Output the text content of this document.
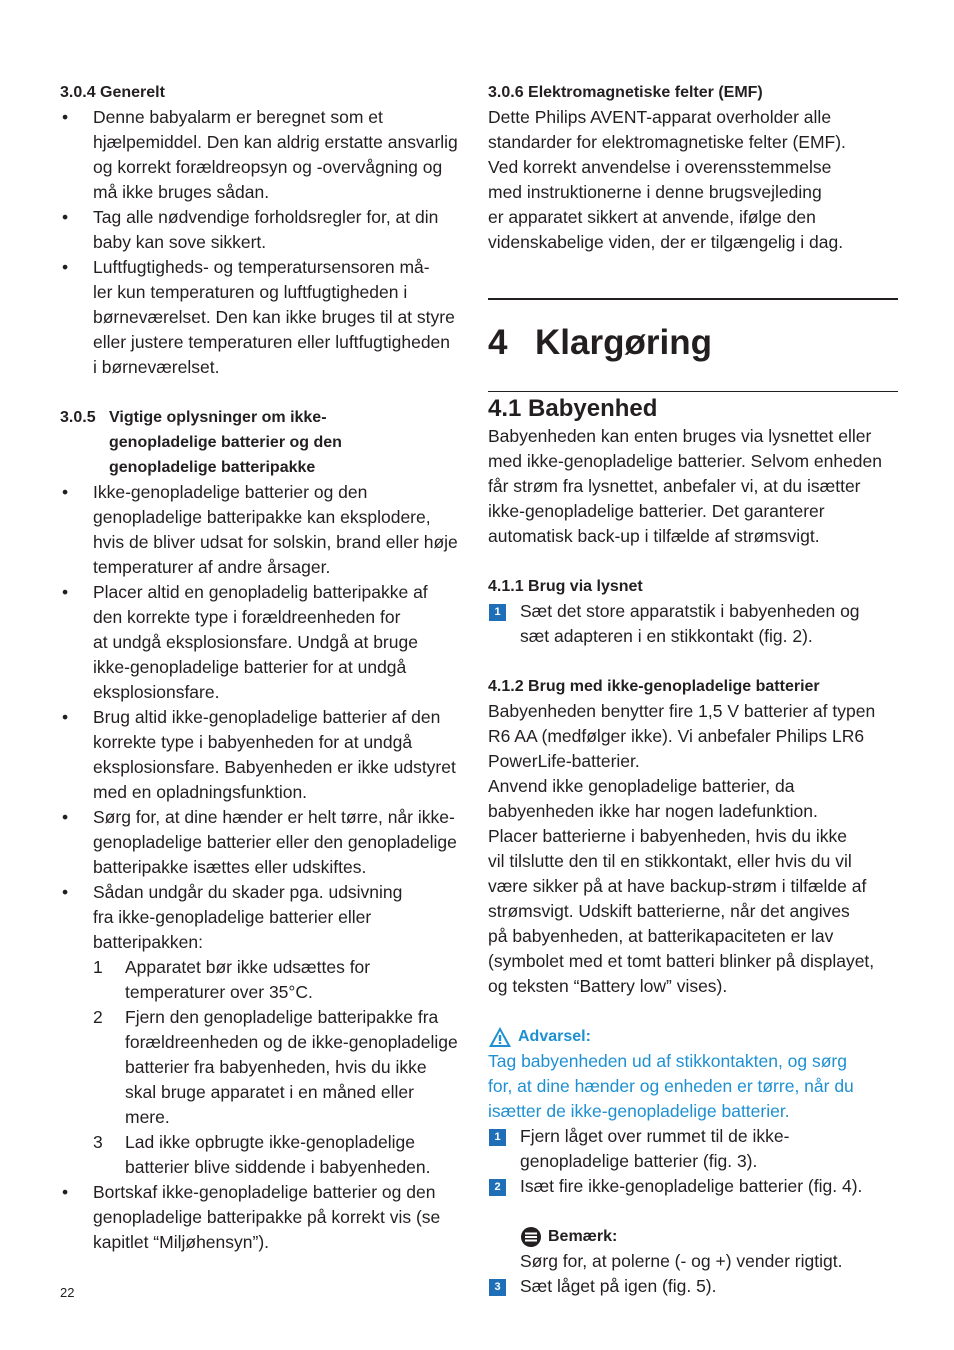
3.0.4 Generelt
• Denne babyalarm er beregnet som et
hjælpemiddel. Den kan aldrig erstatte ansvarlig
og korrekt forældreopsyn og -overvågning og
må ikke bruges sådan.
• Tag alle nødvendige forholdsregler for, at din
baby kan sove sikkert.
• Luftfugtigheds- og temperatursensoren må-
ler kun temperaturen og luftfugtigheden i
børneværelset. Den kan ikke bruges til at styre
eller justere temperaturen eller luftfugtigheden
i børneværelset.
3.0.5 Vigtige oplysninger om ikke-
genopladelige batterier og den
genopladelige batteripakke
• Ikke-genopladelige batterier og den
genopladelige batteripakke kan eksplodere,
hvis de bliver udsat for solskin, brand eller høje
temperaturer af andre årsager.
• Placer altid en genopladelig batteripakke af
den korrekte type i forældreenheden for
at undgå eksplosionsfare. Undgå at bruge
ikke-genopladelige batterier for at undgå
eksplosionsfare.
• Brug altid ikke-genopladelige batterier af den
korrekte type i babyenheden for at undgå
eksplosionsfare. Babyenheden er ikke udstyret
med en opladningsfunktion.
• Sørg for, at dine hænder er helt tørre, når ikke-
genopladelige batterier eller den genopladelige
batteripakke isættes eller udskiftes.
• Sådan undgår du skader pga. udsivning
fra ikke-genopladelige batterier eller
batteripakken:
1 Apparatet bør ikke udsættes for
temperaturer over 35°C.
2 Fjern den genopladelige batteripakke fra
forældreenheden og de ikke-genopladelige
batterier fra babyenheden, hvis du ikke
skal bruge apparatet i en måned eller
mere.
3 Lad ikke opbrugte ikke-genopladelige
batterier blive siddende i babyenheden.
• Bortskaf ikke-genopladelige batterier og den
genopladelige batteripakke på korrekt vis (se
kapitlet “Miljøhensyn”).
3.0.6 Elektromagnetiske felter (EMF)
Dette Philips AVENT-apparat overholder alle
standarder for elektromagnetiske felter (EMF).
Ved korrekt anvendelse i overensstemmelse
med instruktionerne i denne brugsvejleding
er apparatet sikkert at anvende, ifølge den
videnskabelige viden, der er tilgængelig i dag.
4 Klargøring
4.1 Babyenhed
Babyenheden kan enten bruges via lysnettet eller
med ikke-genopladelige batterier. Selvom enheden
får strøm fra lysnettet, anbefaler vi, at du isætter
ikke-genopladelige batterier. Det garanterer
automatisk back-up i tilfælde af strømsvigt.
4.1.1 Brug via lysnet
1	Sæt det store apparatstik i babyenheden og
sæt adapteren i en stikkontakt (fig. 2).
4.1.2 Brug med ikke-genopladelige batterier
Babyenheden benytter fire 1,5 V batterier af typen
R6 AA (medfølger ikke). Vi anbefaler Philips LR6
PowerLife-batterier.
Anvend ikke genopladelige batterier, da
babyenheden ikke har nogen ladefunktion.
Placer batterierne i babyenheden, hvis du ikke
vil tilslutte den til en stikkontakt, eller hvis du vil
være sikker på at have backup-strøm i tilfælde af
strømsvigt. Udskift batterierne, når det angives
på babyenheden, at batterikapaciteten er lav
(symbolet med et tomt batteri blinker på displayet,
og teksten “Battery low” vises).
Advarsel:
Tag babyenheden ud af stikkontakten, og sørg
for, at dine hænder og enheden er tørre, når du
isætter de ikke-genopladelige batterier.
1	Fjern låget over rummet til de ikke-
genopladelige batterier (fig. 3).
2	Isæt fire ikke-genopladelige batterier (fig. 4).
Bemærk:
Sørg for, at polerne (- og +) vender rigtigt.
3	Sæt låget på igen (fig. 5).
22
